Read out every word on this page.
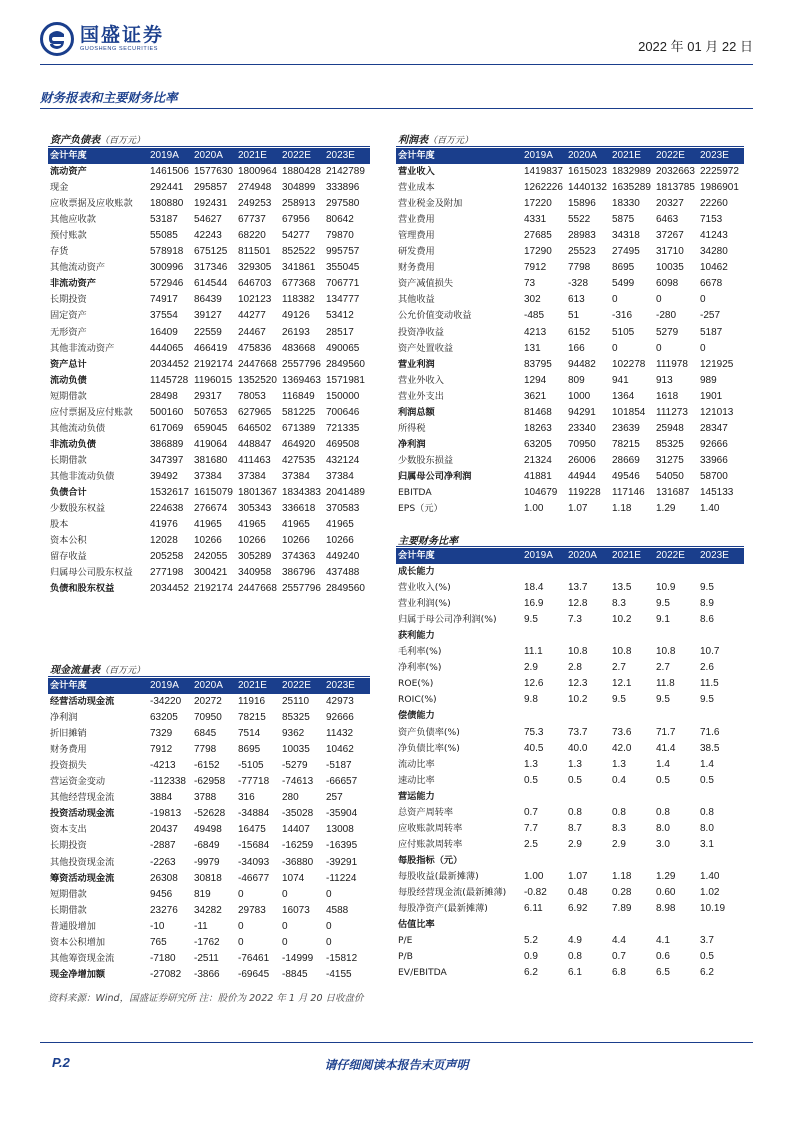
国盛证券
GUOSHENG SECURITIES	2022 年 01 月 22 日
财务报表和主要财务比率
资产负债表（百万元）
会计年度	2019A	2020A	2021E	2022E	2023E
流动资产	1461506	1577630	1800964	1880428	2142789
现金	292441	295857	274948	304899	333896
应收票据及应收账款	180880	192431	249253	258913	297580
其他应收款	53187	54627	67737	67956	80642
预付账款	55085	42243	68220	54277	79870
存货	578918	675125	811501	852522	995757
其他流动资产	300996	317346	329305	341861	355045
非流动资产	572946	614544	646703	677368	706771
长期投资	74917	86439	102123	118382	134777
固定资产	37554	39127	44277	49126	53412
无形资产	16409	22559	24467	26193	28517
其他非流动资产	444065	466419	475836	483668	490065
资产总计	2034452	2192174	2447668	2557796	2849560
流动负债	1145728	1196015	1352520	1369463	1571981
短期借款	28498	29317	78053	116849	150000
应付票据及应付账款	500160	507653	627965	581225	700646
其他流动负债	617069	659045	646502	671389	721335
非流动负债	386889	419064	448847	464920	469508
长期借款	347397	381680	411463	427535	432124
其他非流动负债	39492	37384	37384	37384	37384
负债合计	1532617	1615079	1801367	1834383	2041489
少数股东权益	224638	276674	305343	336618	370583
股本	41976	41965	41965	41965	41965
资本公积	12028	10266	10266	10266	10266
留存收益	205258	242055	305289	374363	449240
归属母公司股东权益	277198	300421	340958	386796	437488
负债和股东权益	2034452	2192174	2447668	2557796	2849560
利润表（百万元）
会计年度	2019A	2020A	2021E	2022E	2023E
营业收入	1419837	1615023	1832989	2032663	2225972
营业成本	1262226	1440132	1635289	1813785	1986901
营业税金及附加	17220	15896	18330	20327	22260
营业费用	4331	5522	5875	6463	7153
管理费用	27685	28983	34318	37267	41243
研发费用	17290	25523	27495	31710	34280
财务费用	7912	7798	8695	10035	10462
资产减值损失	73	-328	5499	6098	6678
其他收益	302	613	0	0	0
公允价值变动收益	-485	51	-316	-280	-257
投资净收益	4213	6152	5105	5279	5187
资产处置收益	131	166	0	0	0
营业利润	83795	94482	102278	111978	121925
营业外收入	1294	809	941	913	989
营业外支出	3621	1000	1364	1618	1901
利润总额	81468	94291	101854	111273	121013
所得税	18263	23340	23639	25948	28347
净利润	63205	70950	78215	85325	92666
少数股东损益	21324	26006	28669	31275	33966
归属母公司净利润	41881	44944	49546	54050	58700
EBITDA	104679	119228	117146	131687	145133
EPS（元）	1.00	1.07	1.18	1.29	1.40
主要财务比率
会计年度	2019A	2020A	2021E	2022E	2023E
成长能力					
营业收入(%)	18.4	13.7	13.5	10.9	9.5
营业利润(%)	16.9	12.8	8.3	9.5	8.9
归属于母公司净利润(%)	9.5	7.3	10.2	9.1	8.6
获利能力					
毛利率(%)	11.1	10.8	10.8	10.8	10.7
净利率(%)	2.9	2.8	2.7	2.7	2.6
ROE(%)	12.6	12.3	12.1	11.8	11.5
ROIC(%)	9.8	10.2	9.5	9.5	9.5
偿债能力					
资产负债率(%)	75.3	73.7	73.6	71.7	71.6
净负债比率(%)	40.5	40.0	42.0	41.4	38.5
流动比率	1.3	1.3	1.3	1.4	1.4
速动比率	0.5	0.5	0.4	0.5	0.5
营运能力					
总资产周转率	0.7	0.8	0.8	0.8	0.8
应收账款周转率	7.7	8.7	8.3	8.0	8.0
应付账款周转率	2.5	2.9	2.9	3.0	3.1
每股指标（元）					
每股收益(最新摊薄)	1.00	1.07	1.18	1.29	1.40
每股经营现金流(最新摊薄)	-0.82	0.48	0.28	0.60	1.02
每股净资产(最新摊薄)	6.11	6.92	7.89	8.98	10.19
估值比率					
P/E	5.2	4.9	4.4	4.1	3.7
P/B	0.9	0.8	0.7	0.6	0.5
EV/EBITDA	6.2	6.1	6.8	6.5	6.2
现金流量表（百万元）
会计年度	2019A	2020A	2021E	2022E	2023E
经营活动现金流	-34220	20272	11916	25110	42973
净利润	63205	70950	78215	85325	92666
折旧摊销	7329	6845	7514	9362	11432
财务费用	7912	7798	8695	10035	10462
投资损失	-4213	-6152	-5105	-5279	-5187
营运资金变动	-112338	-62958	-77718	-74613	-66657
其他经营现金流	3884	3788	316	280	257
投资活动现金流	-19813	-52628	-34884	-35028	-35904
资本支出	20437	49498	16475	14407	13008
长期投资	-2887	-6849	-15684	-16259	-16395
其他投资现金流	-2263	-9979	-34093	-36880	-39291
筹资活动现金流	26308	30818	-46677	1074	-11224
短期借款	9456	819	0	0	0
长期借款	23276	34282	29783	16073	4588
普通股增加	-10	-11	0	0	0
资本公积增加	765	-1762	0	0	0
其他筹资现金流	-7180	-2511	-76461	-14999	-15812
现金净增加额	-27082	-3866	-69645	-8845	-4155
资料来源：Wind，国盛证券研究所 注：股价为 2022 年 1 月 20 日收盘价
P.2	请仔细阅读本报告末页声明
